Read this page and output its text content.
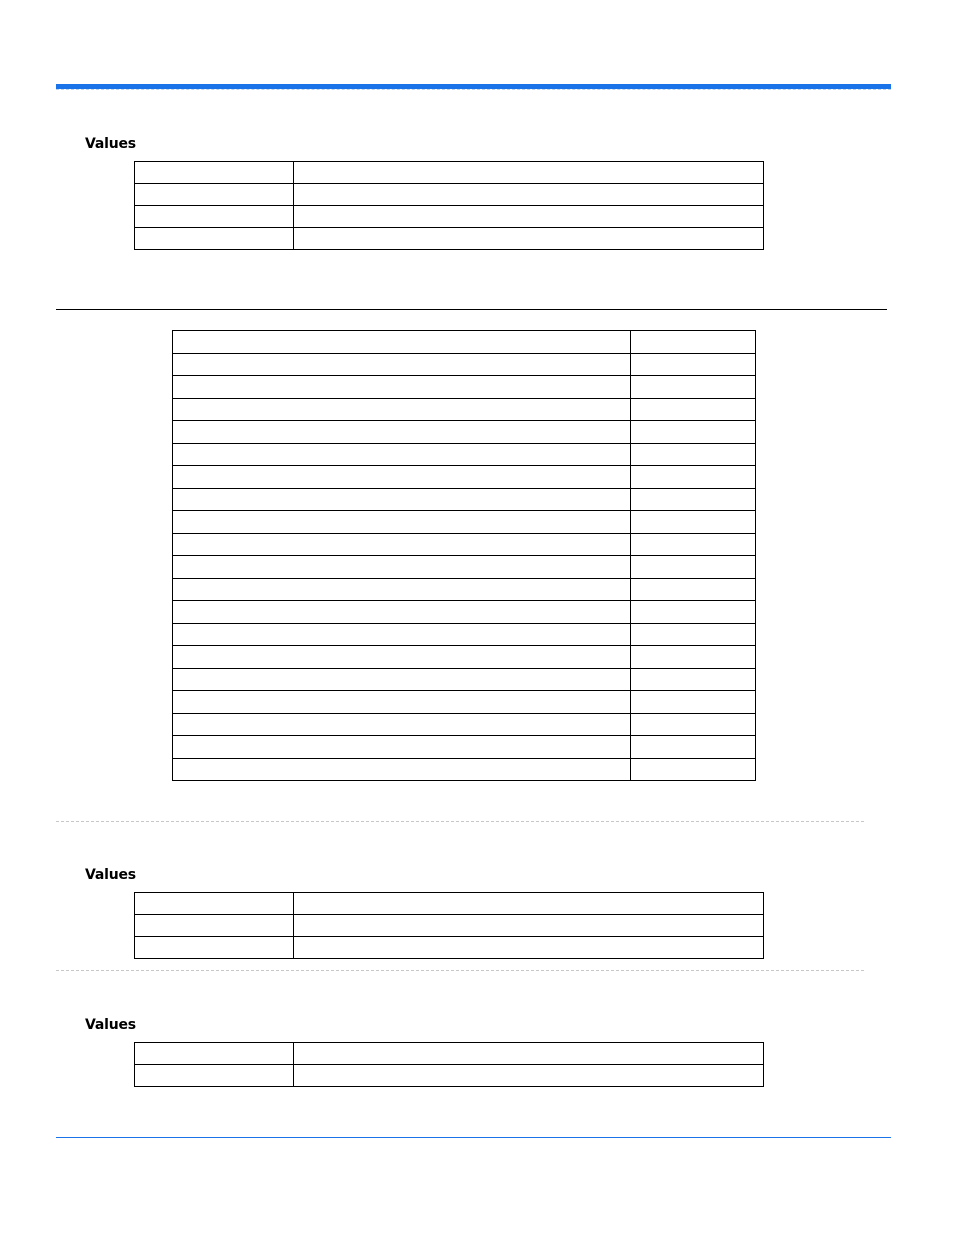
Values

Values

Values
